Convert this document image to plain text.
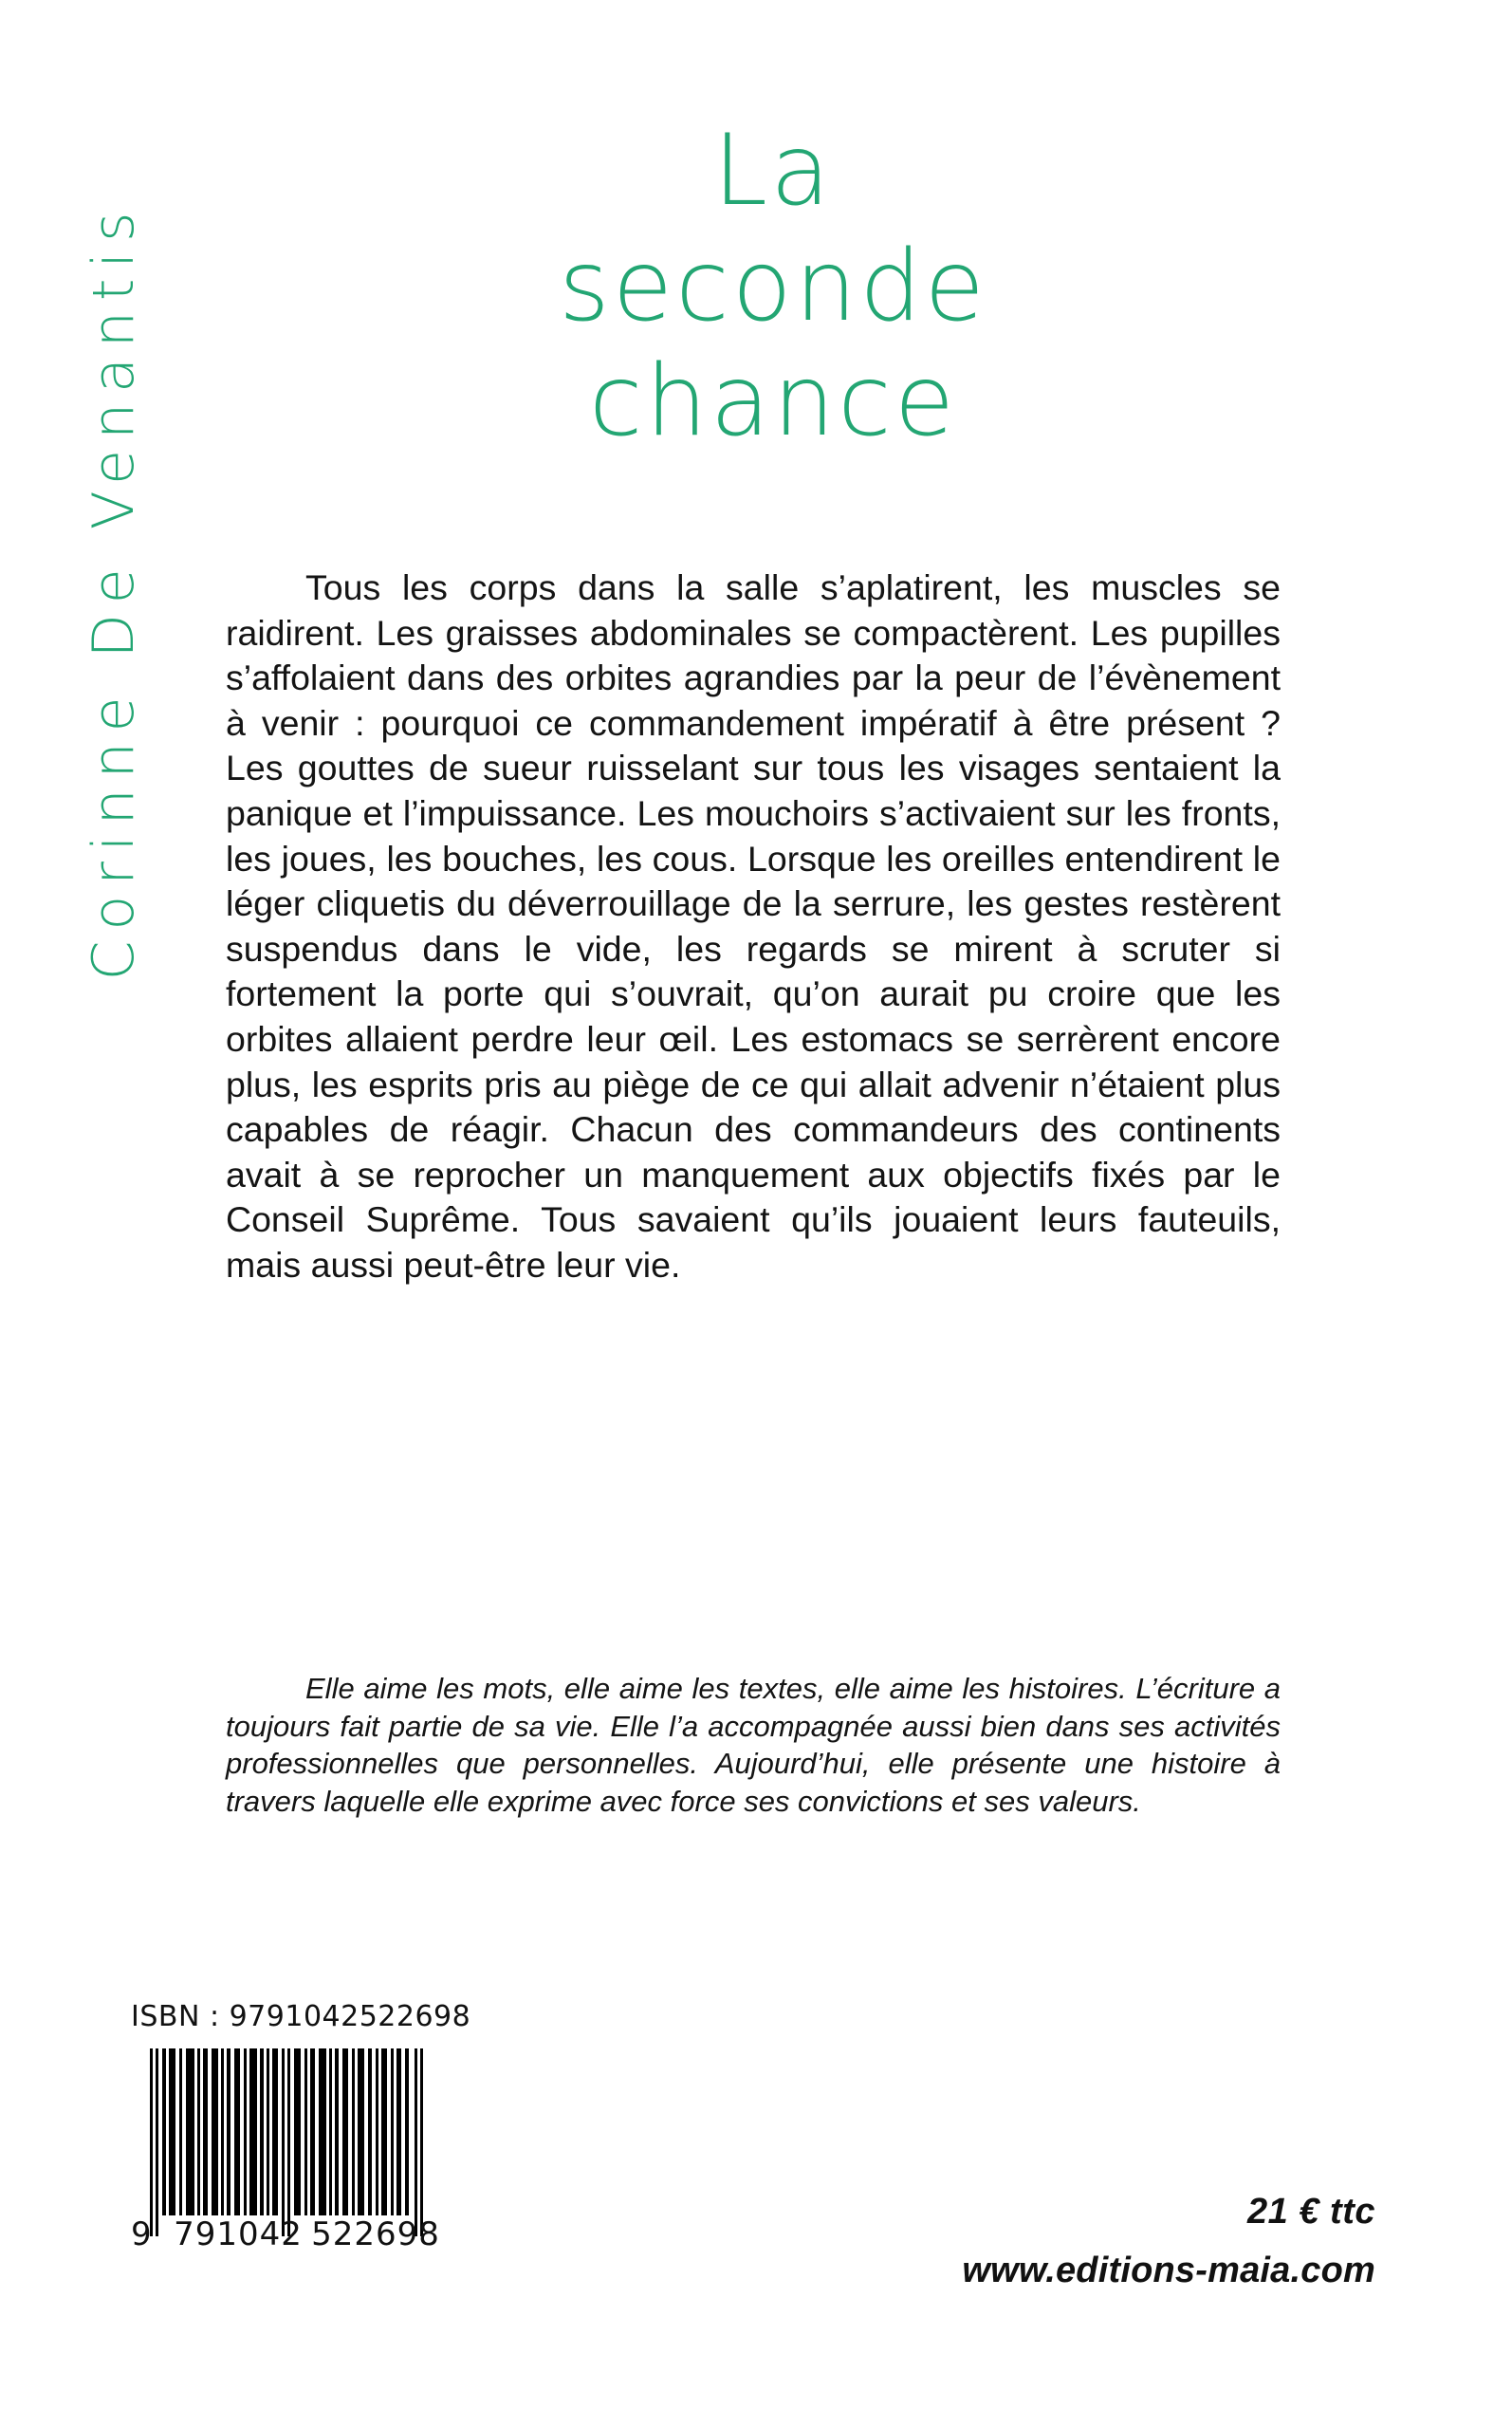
Corinne De Venantis
La
seconde
chance
Tous les corps dans la salle s’aplatirent, les muscles se raidirent. Les graisses abdominales se compactèrent. Les pupilles s’affolaient dans des orbites agrandies par la peur de l’évènement à venir : pourquoi ce commandement impératif à être présent ? Les gouttes de sueur ruisselant sur tous les visages sentaient la panique et l’impuissance. Les mouchoirs s’activaient sur les fronts, les joues, les bouches, les cous. Lorsque les oreilles entendirent le léger cliquetis du déverrouillage de la serrure, les gestes restèrent suspendus dans le vide, les regards se mirent à scruter si fortement la porte qui s’ouvrait, qu’on aurait pu croire que les orbites allaient perdre leur œil. Les estomacs se serrèrent encore plus, les esprits pris au piège de ce qui allait advenir n’étaient plus capables de réagir. Chacun des commandeurs des continents avait à se reprocher un manquement aux objectifs fixés par le Conseil Suprême. Tous savaient qu’ils jouaient leurs fauteuils, mais aussi peut-être leur vie.
Elle aime les mots, elle aime les textes, elle aime les histoires. L’écriture a toujours fait partie de sa vie. Elle l’a accompagnée aussi bien dans ses activités professionnelles que personnelles. Aujourd’hui, elle présente une histoire à travers laquelle elle exprime avec force ses convictions et ses valeurs.
ISBN : 9791042522698
9 791042 522698
21 € ttc
www.editions-maia.com
